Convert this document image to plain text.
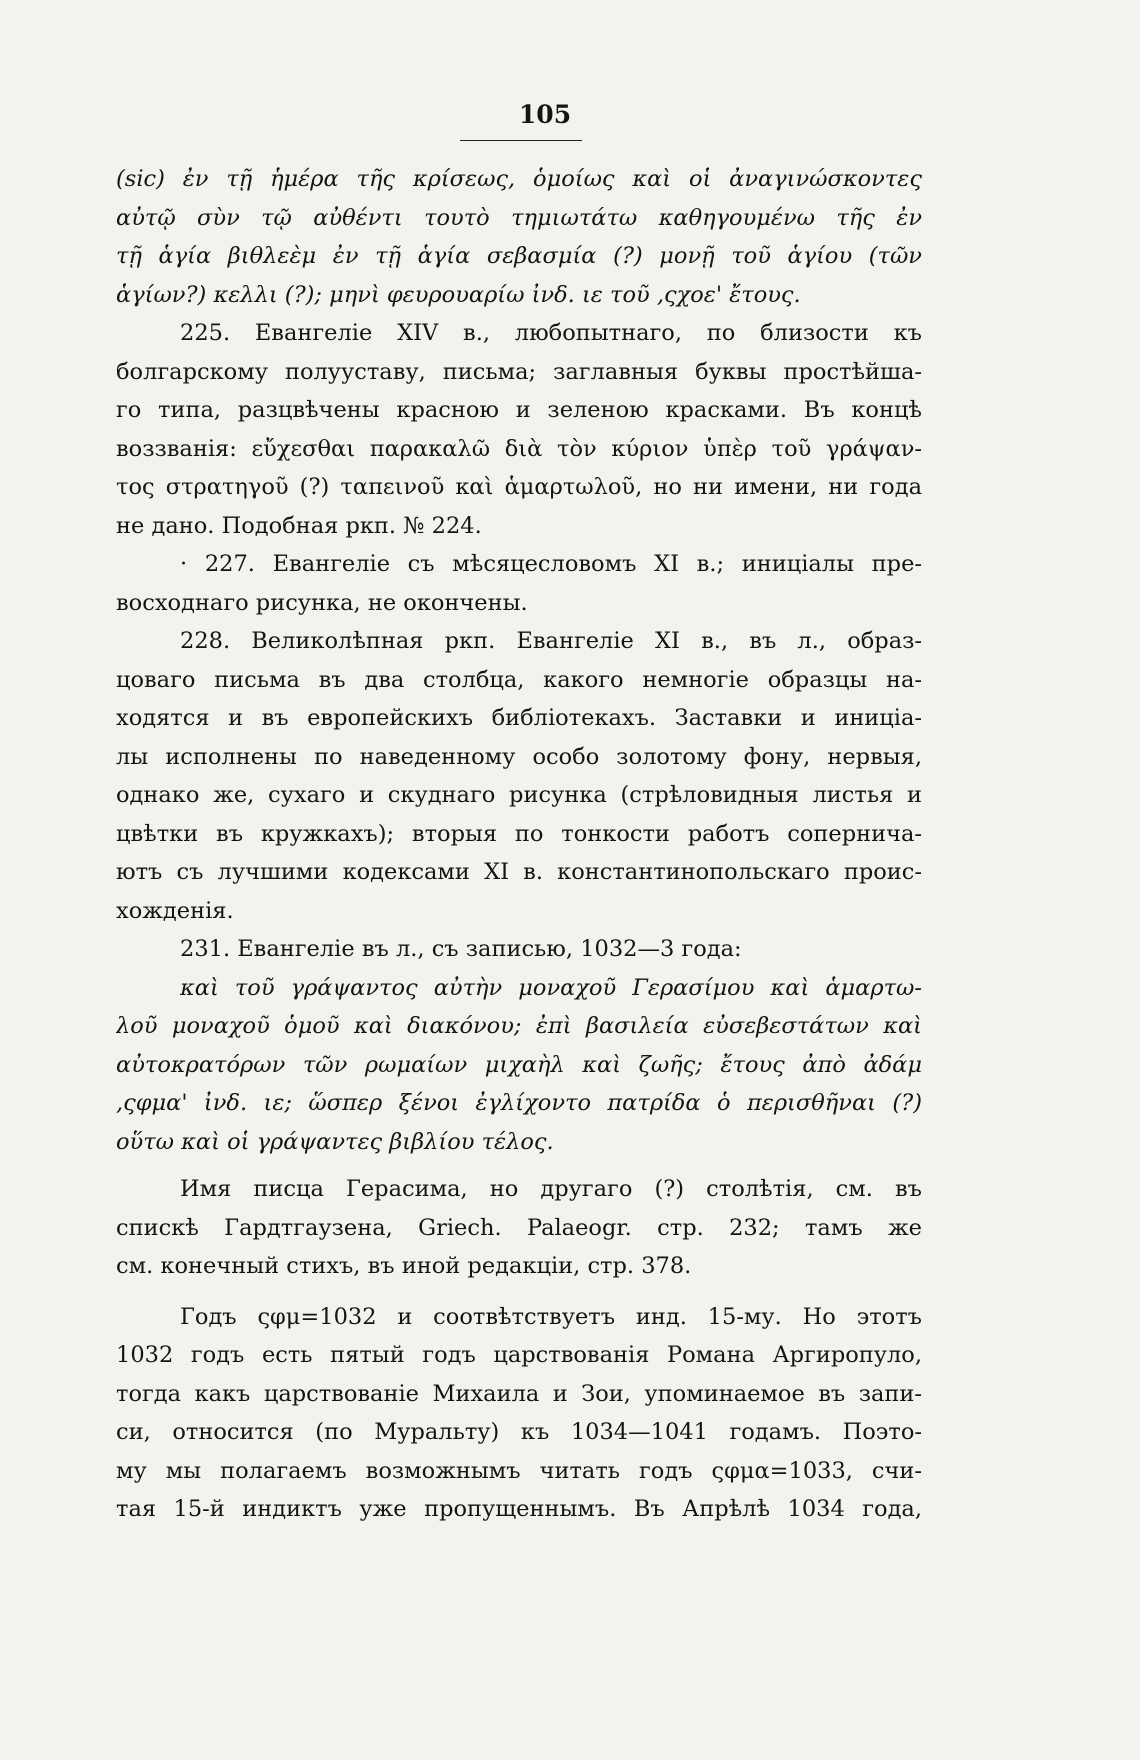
105
(sic) ἐν τῇ ἡμέρα τῆς κρίσεως, ὁμοίως καὶ οἱ ἀναγινώσκοντες
αὐτῷ σὺν τῷ αὐθέντι τουτὸ τημιωτάτω καθηγουμένω τῆς ἐν
τῇ ἁγία βιθλεὲμ ἐν τῇ ἁγία σεβασμία (?) μονῇ τοῦ ἁγίου (τῶν
ἁγίων?) κελλι (?); μηνὶ φευρουαρίω ἰνδ. ιε τοῦ ,ςχοε' ἔτους.
225. Евангеліе XIV в., любопытнаго, по близости къ
болгарскому полууставу, письма; заглавныя буквы простѣйша-
го типа, разцвѣчены красною и зеленою красками. Въ концѣ
воззванія: εὔχεσθαι παρακαλῶ διὰ τὸν κύριον ὑπὲρ τοῦ γράψαν-
τος στρατηγοῦ (?) ταπεινοῦ καὶ ἁμαρτωλοῦ, но ни имени, ни года
не дано. Подобная ркп. № 224.
· 227. Евангеліе съ мѣсяцесловомъ XI в.; иниціалы пре-
восходнаго рисунка, не окончены.
228. Великолѣпная ркп. Евангеліе XI в., въ л., образ-
цоваго письма въ два столбца, какого немногіе образцы на-
ходятся и въ европейскихъ библіотекахъ. Заставки и иниціа-
лы исполнены по наведенному особо золотому фону, нервыя,
однако же, сухаго и скуднаго рисунка (стрѣловидныя листья и
цвѣтки въ кружкахъ); вторыя по тонкости работъ сопернича-
ютъ съ лучшими кодексами XI в. константинопольскаго проис-
хожденія.
231. Евангеліе въ л., съ записью, 1032—3 года:
καὶ τοῦ γράψαντος αὐτὴν μοναχοῦ Γερασίμου καὶ ἁμαρτω-
λοῦ μοναχοῦ ὁμοῦ καὶ διακόνου; ἐπὶ βασιλεία εὐσεβεστάτων καὶ
αὐτοκρατόρων τῶν ρωμαίων μιχαὴλ καὶ ζωῆς; ἔτους ἀπὸ ἀδάμ
,ςφμα' ἰνδ. ιε; ὥσπερ ξένοι ἐγλίχοντο πατρίδα ὁ περισθῆναι (?)
οὕτω καὶ οἱ γράψαντες βιβλίου τέλος.
Имя писца Герасима, но другаго (?) столѣтія, см. въ
спискѣ Гардтгаузена, Griech. Palaeogr. стр. 232; тамъ же
см. конечный стихъ, въ иной редакціи, стр. 378.
Годъ ςφμ=1032 и соотвѣтствуетъ инд. 15-му. Но этотъ
1032 годъ есть пятый годъ царствованія Романа Аргиропуло,
тогда какъ царствованіе Михаила и Зои, упоминаемое въ запи-
си, относится (по Муральту) къ 1034—1041 годамъ. Поэто-
му мы полагаемъ возможнымъ читать годъ ςφμα=1033, счи-
тая 15-й индиктъ уже пропущеннымъ. Въ Апрѣлѣ 1034 года,
